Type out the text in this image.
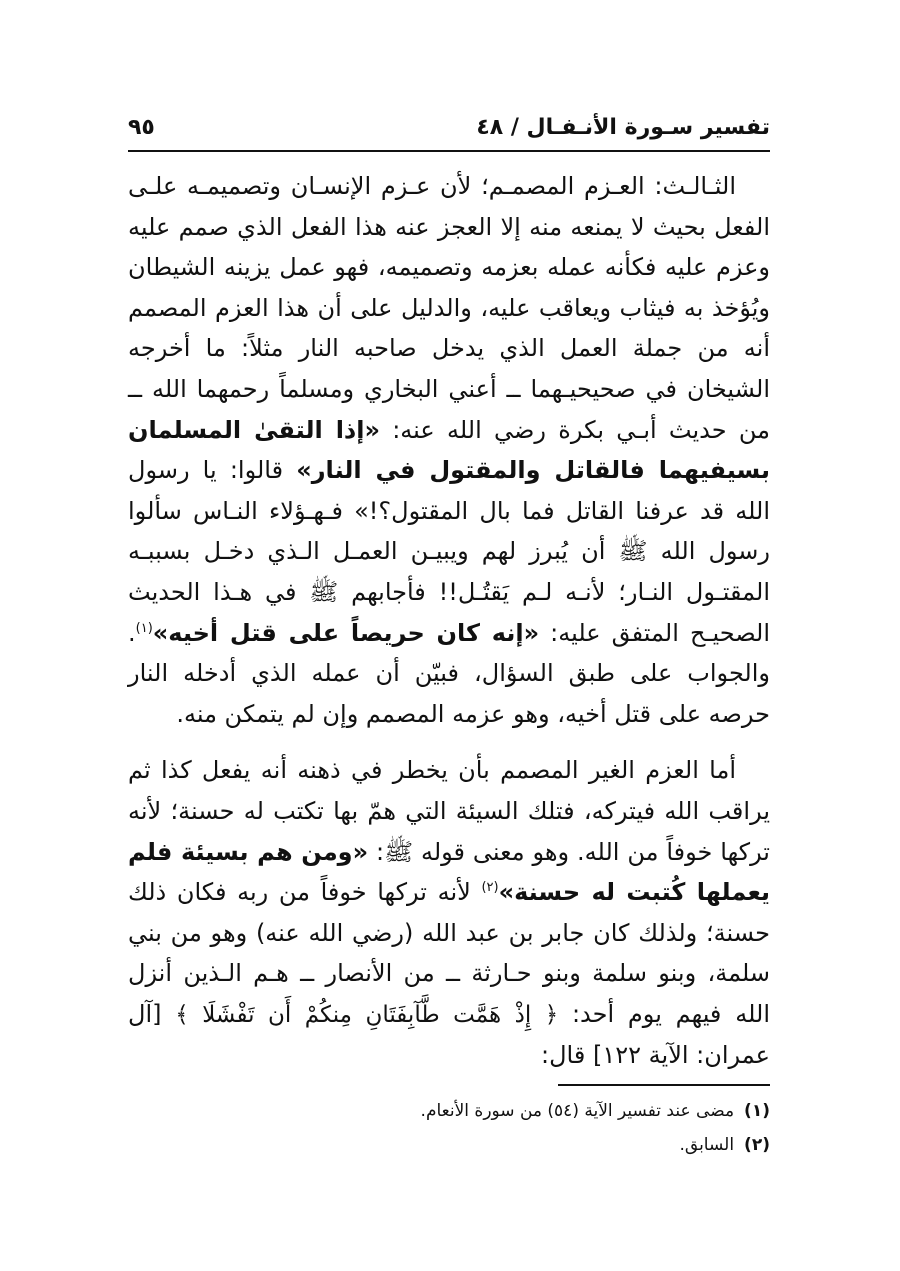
تفسير سـورة الأنـفـال / ٤٨
٩٥

الثـالـث: العـزم المصمـم؛ لأن عـزم الإنسـان وتصميمـه علـى الفعل بحيث لا يمنعه منه إلا العجز عنه هذا الفعل الذي صمم عليه وعزم عليه فكأنه عمله بعزمه وتصميمه، فهو عمل يزينه الشيطان ويُؤخذ به فيثاب ويعاقب عليه، والدليل على أن هذا العزم المصمم أنه من جملة العمل الذي يدخل صاحبه النار مثلاً: ما أخرجه الشيخان في صحيحيـهما ــ أعني البخاري ومسلماً رحمهما الله ــ من حديث أبـي بكرة رضي الله عنه: «إذا التقىٰ المسلمان بسيفيهما فالقاتل والمقتول في النار» قالوا: يا رسول الله قد عرفنا القاتل فما بال المقتول؟!» فـهـؤلاء النـاس سألوا رسول الله ﷺ أن يُبرز لهم ويبيـن العمـل الـذي دخـل بسببـه المقتـول النـار؛ لأنـه لـم يَقتُـل!! فأجابهم ﷺ في هـذا الحديث الصحيـح المتفق عليه: «إنه كان حريصاً على قتل أخيه»$^{(١)}$. والجواب على طبق السؤال، فبيّن أن عمله الذي أدخله النار حرصه على قتل أخيه، وهو عزمه المصمم وإن لم يتمكن منه.

أما العزم الغير المصمم بأن يخطر في ذهنه أنه يفعل كذا ثم يراقب الله فيتركه، فتلك السيئة التي همّ بها تكتب له حسنة؛ لأنه تركها خوفاً من الله. وهو معنى قوله ﷺ: «ومن هم بسيئة فلم يعملها كُتبت له حسنة»$^{(٢)}$ لأنه تركها خوفاً من ربه فكان ذلك حسنة؛ ولذلك كان جابر بن عبد الله (رضي الله عنه) وهو من بني سلمة، وبنو سلمة وبنو حـارثة ــ من الأنصار ــ هـم الـذين أنزل الله فيهم يوم أحد: ﴿ إِذْ هَمَّت طَّآبِفَتَانِ مِنكُمْ أَن تَفْشَلَا ﴾ [آل عمران: الآية ١٢٢] قال:

(١)مضى عند تفسير الآية (٥٤) من سورة الأنعام.

(٢)السابق.
